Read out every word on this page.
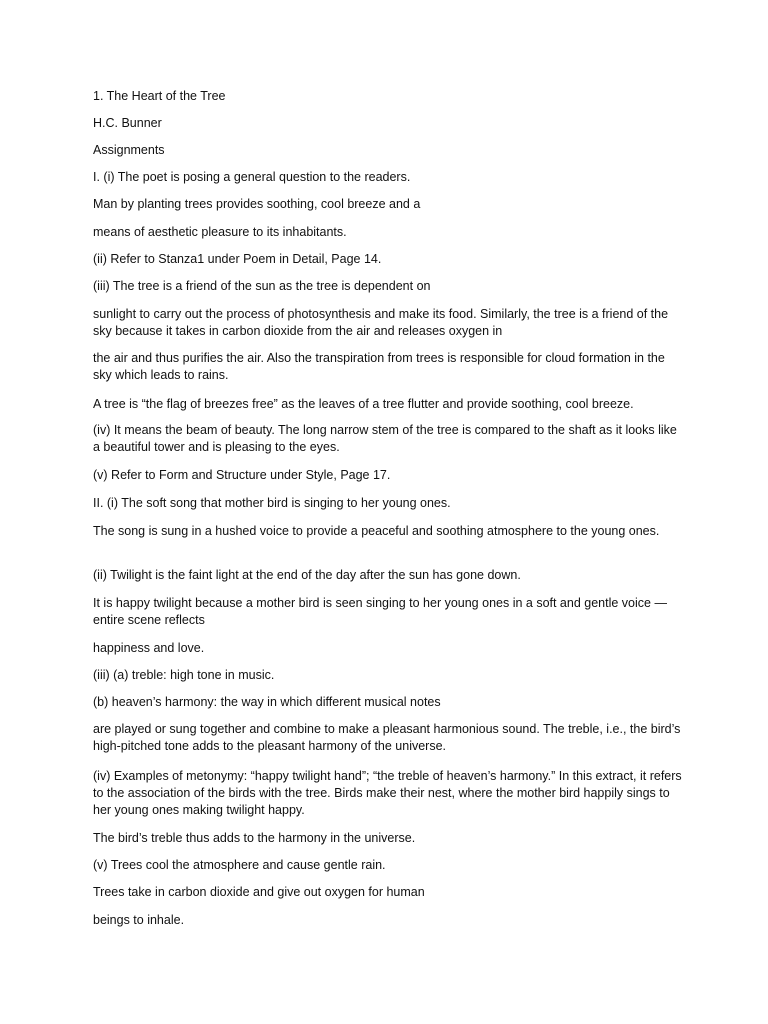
1. The Heart of the Tree

H.C. Bunner

Assignments

I. (i) The poet is posing a general question to the readers.

Man by planting trees provides soothing, cool breeze and a

means of aesthetic pleasure to its inhabitants.

(ii) Refer to Stanza1 under Poem in Detail, Page 14.

(iii) The tree is a friend of the sun as the tree is dependent on

sunlight to carry out the process of photosynthesis and make its food. Similarly, the tree is a friend of the sky because it takes in carbon dioxide from the air and releases oxygen in

the air and thus purifies the air. Also the transpiration from trees is responsible for cloud formation in the sky which leads to rains.

A tree is “the flag of breezes free” as the leaves of a tree flutter and provide soothing, cool breeze.

(iv) It means the beam of beauty. The long narrow stem of the tree is compared to the shaft as it looks like a beautiful tower and is pleasing to the eyes.

(v) Refer to Form and Structure under Style, Page 17.

II. (i) The soft song that mother bird is singing to her young ones.

The song is sung in a hushed voice to provide a peaceful and soothing atmosphere to the young ones.

(ii) Twilight is the faint light at the end of the day after the sun has gone down.

It is happy twilight because a mother bird is seen singing to her young ones in a soft and gentle voice — entire scene reflects

happiness and love.

(iii) (a) treble: high tone in music.

(b) heaven’s harmony: the way in which different musical notes

are played or sung together and combine to make a pleasant harmonious sound. The treble, i.e., the bird’s high-pitched tone adds to the pleasant harmony of the universe.

(iv) Examples of metonymy: “happy twilight hand”; “the treble of heaven’s harmony.” In this extract, it refers to the association of the birds with the tree. Birds make their nest, where the mother bird happily sings to her young ones making twilight happy.

The bird’s treble thus adds to the harmony in the universe.

(v) Trees cool the atmosphere and cause gentle rain.

Trees take in carbon dioxide and give out oxygen for human

beings to inhale.
